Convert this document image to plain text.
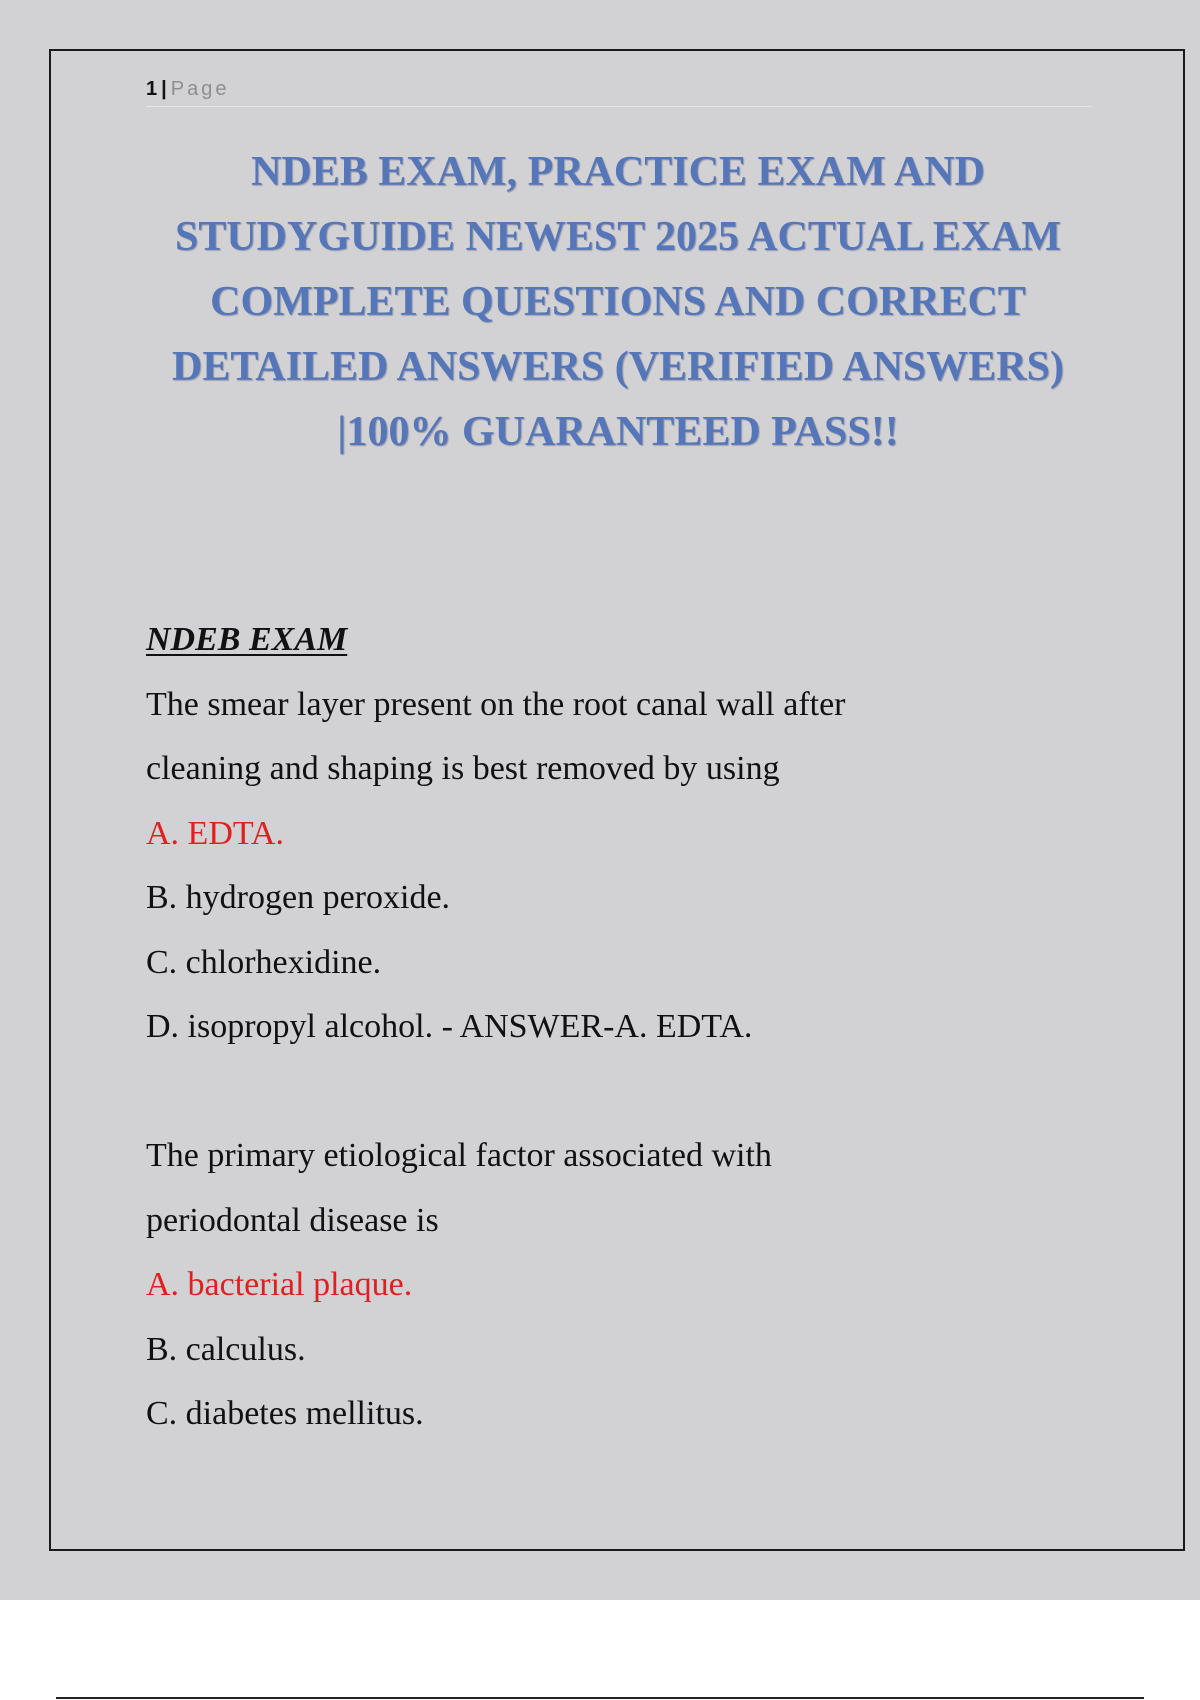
1 | Page
NDEB EXAM, PRACTICE EXAM AND
STUDYGUIDE NEWEST 2025 ACTUAL EXAM
COMPLETE QUESTIONS AND CORRECT
DETAILED ANSWERS (VERIFIED ANSWERS)
|100% GUARANTEED PASS!!
NDEB EXAM
The smear layer present on the root canal wall after
cleaning and shaping is best removed by using
A. EDTA.
B. hydrogen peroxide.
C. chlorhexidine.
D. isopropyl alcohol. - ANSWER-A. EDTA.
The primary etiological factor associated with
periodontal disease is
A. bacterial plaque.
B. calculus.
C. diabetes mellitus.
